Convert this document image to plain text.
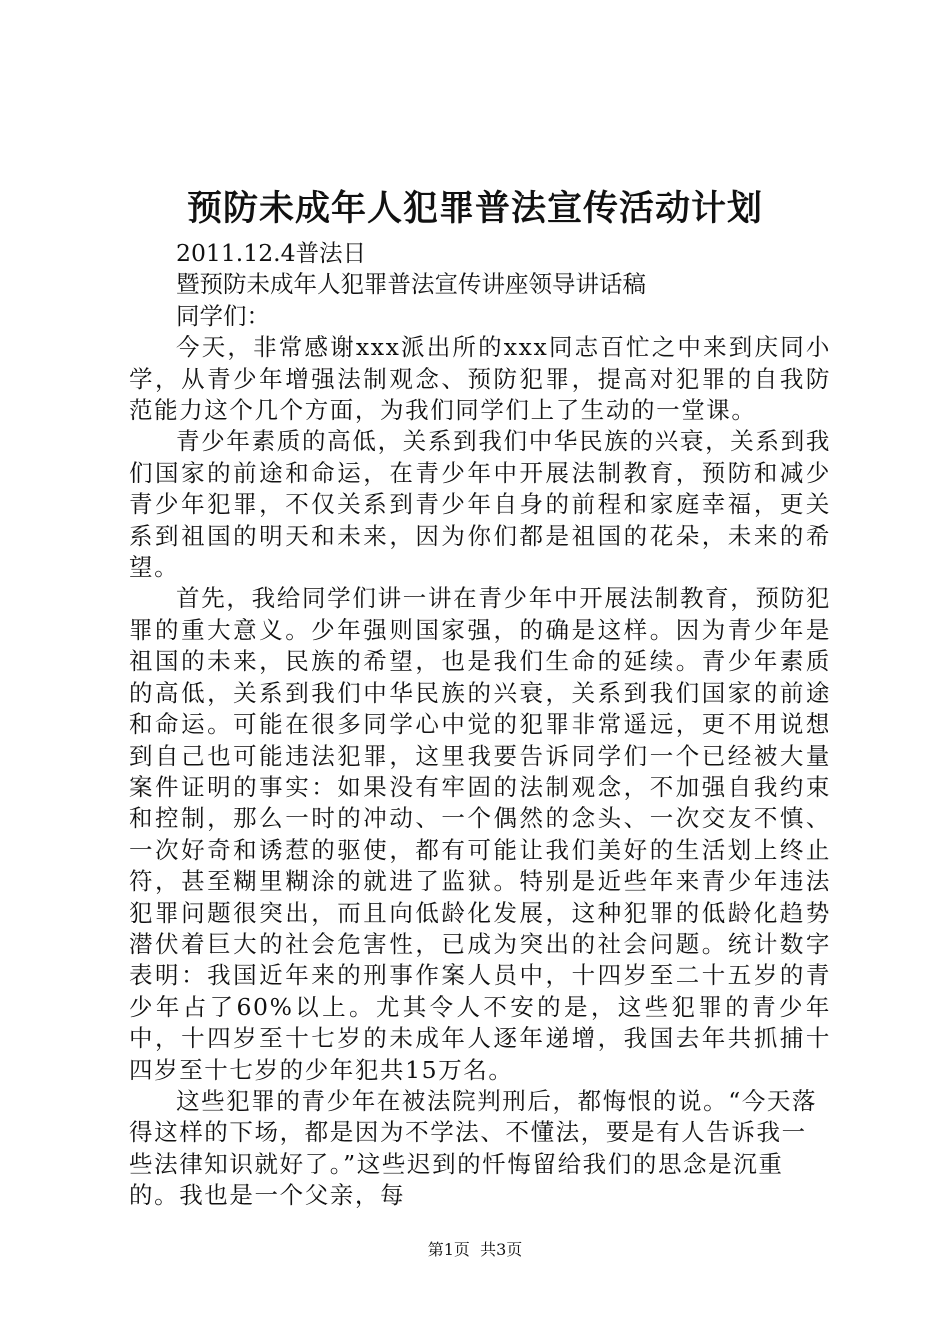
预防未成年人犯罪普法宣传活动计划

2011.12.4普法日

暨预防未成年人犯罪普法宣传讲座领导讲话稿

同学们：

今天，非常感谢xxx派出所的xxx同志百忙之中来到庆同小学，从青少年增强法制观念、预防犯罪，提高对犯罪的自我防范能力这个几个方面，为我们同学们上了生动的一堂课。

青少年素质的高低，关系到我们中华民族的兴衰，关系到我们国家的前途和命运，在青少年中开展法制教育，预防和减少青少年犯罪，不仅关系到青少年自身的前程和家庭幸福，更关系到祖国的明天和未来，因为你们都是祖国的花朵，未来的希望。

首先，我给同学们讲一讲在青少年中开展法制教育，预防犯罪的重大意义。少年强则国家强，的确是这样。因为青少年是祖国的未来，民族的希望，也是我们生命的延续。青少年素质的高低，关系到我们中华民族的兴衰，关系到我们国家的前途和命运。可能在很多同学心中觉的犯罪非常遥远，更不用说想到自己也可能违法犯罪，这里我要告诉同学们一个已经被大量案件证明的事实：如果没有牢固的法制观念，不加强自我约束和控制，那么一时的冲动、一个偶然的念头、一次交友不慎、一次好奇和诱惹的驱使，都有可能让我们美好的生活划上终止符，甚至糊里糊涂的就进了监狱。特别是近些年来青少年违法犯罪问题很突出，而且向低龄化发展，这种犯罪的低龄化趋势潜伏着巨大的社会危害性，已成为突出的社会问题。统计数字表明：我国近年来的刑事作案人员中，十四岁至二十五岁的青少年占了60%以上。尤其令人不安的是，这些犯罪的青少年中，十四岁至十七岁的未成年人逐年递增，我国去年共抓捕十四岁至十七岁的少年犯共15万名。

这些犯罪的青少年在被法院判刑后，都悔恨的说。“今天落得这样的下场，都是因为不学法、不懂法，要是有人告诉我一些法律知识就好了。”这些迟到的忏悔留给我们的思念是沉重的。我也是一个父亲，每

第1页  共3页
